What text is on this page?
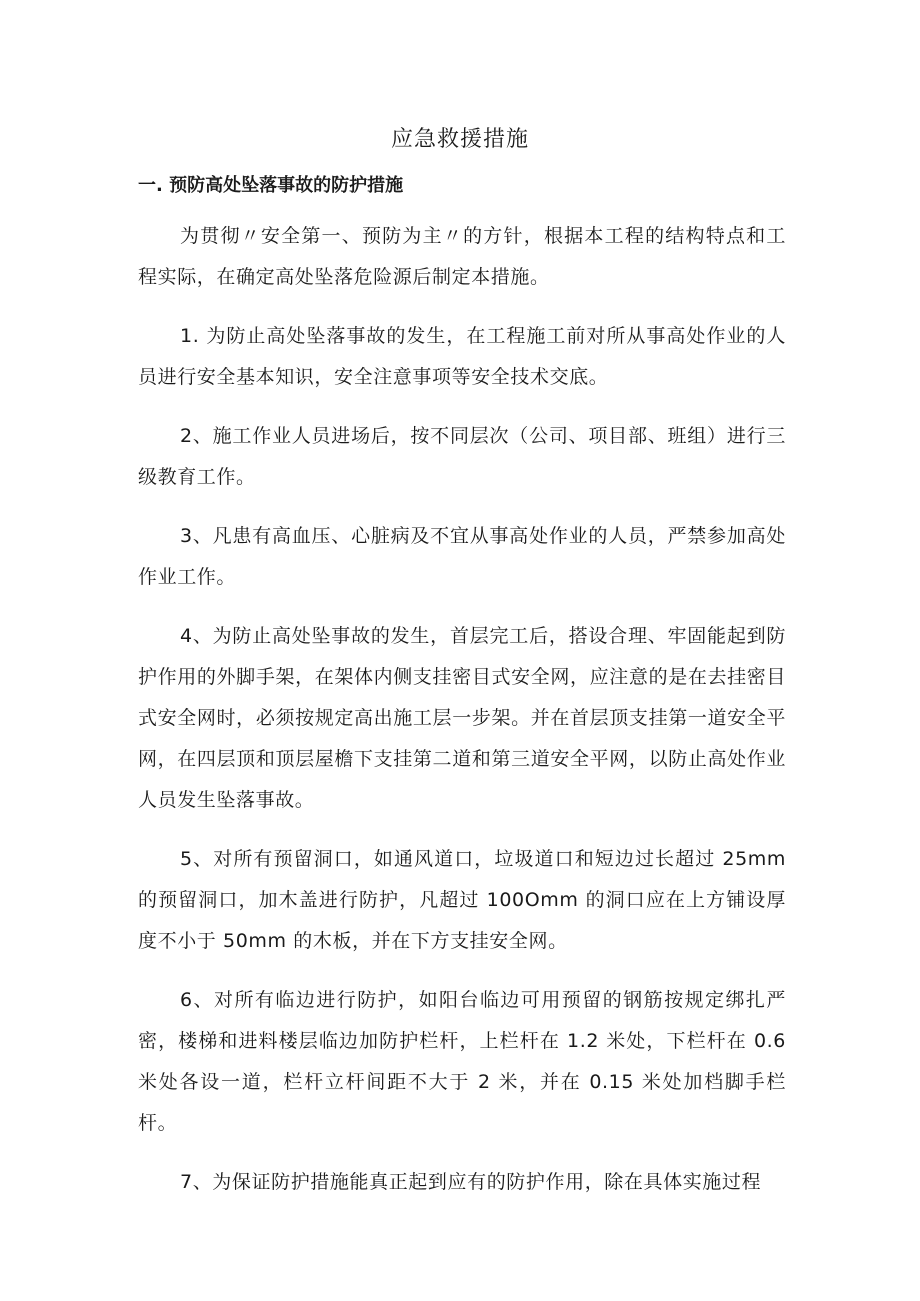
应急救援措施
一. 预防高处坠落事故的防护措施

为贯彻〃安全第一、预防为主〃的方针，根据本工程的结构特点和工程实际，在确定高处坠落危险源后制定本措施。

1. 为防止高处坠落事故的发生，在工程施工前对所从事高处作业的人员进行安全基本知识，安全注意事项等安全技术交底。

2、施工作业人员进场后，按不同层次（公司、项目部、班组）进行三级教育工作。

3、凡患有高血压、心脏病及不宜从事高处作业的人员，严禁参加高处作业工作。

4、为防止高处坠事故的发生，首层完工后，搭设合理、牢固能起到防护作用的外脚手架，在架体内侧支挂密目式安全网，应注意的是在去挂密目式安全网时，必须按规定高出施工层一步架。并在首层顶支挂第一道安全平网，在四层顶和顶层屋檐下支挂第二道和第三道安全平网，以防止高处作业人员发生坠落事故。

5、对所有预留洞口，如通风道口，垃圾道口和短边过长超过 25mm 的预留洞口，加木盖进行防护，凡超过 100Omm 的洞口应在上方铺设厚度不小于 50mm 的木板，并在下方支挂安全网。

6、对所有临边进行防护，如阳台临边可用预留的钢筋按规定绑扎严密，楼梯和进料楼层临边加防护栏杆，上栏杆在 1.2 米处，下栏杆在 0.6 米处各设一道，栏杆立杆间距不大于 2 米，并在 0.15 米处加档脚手栏杆。

7、为保证防护措施能真正起到应有的防护作用，除在具体实施过程
